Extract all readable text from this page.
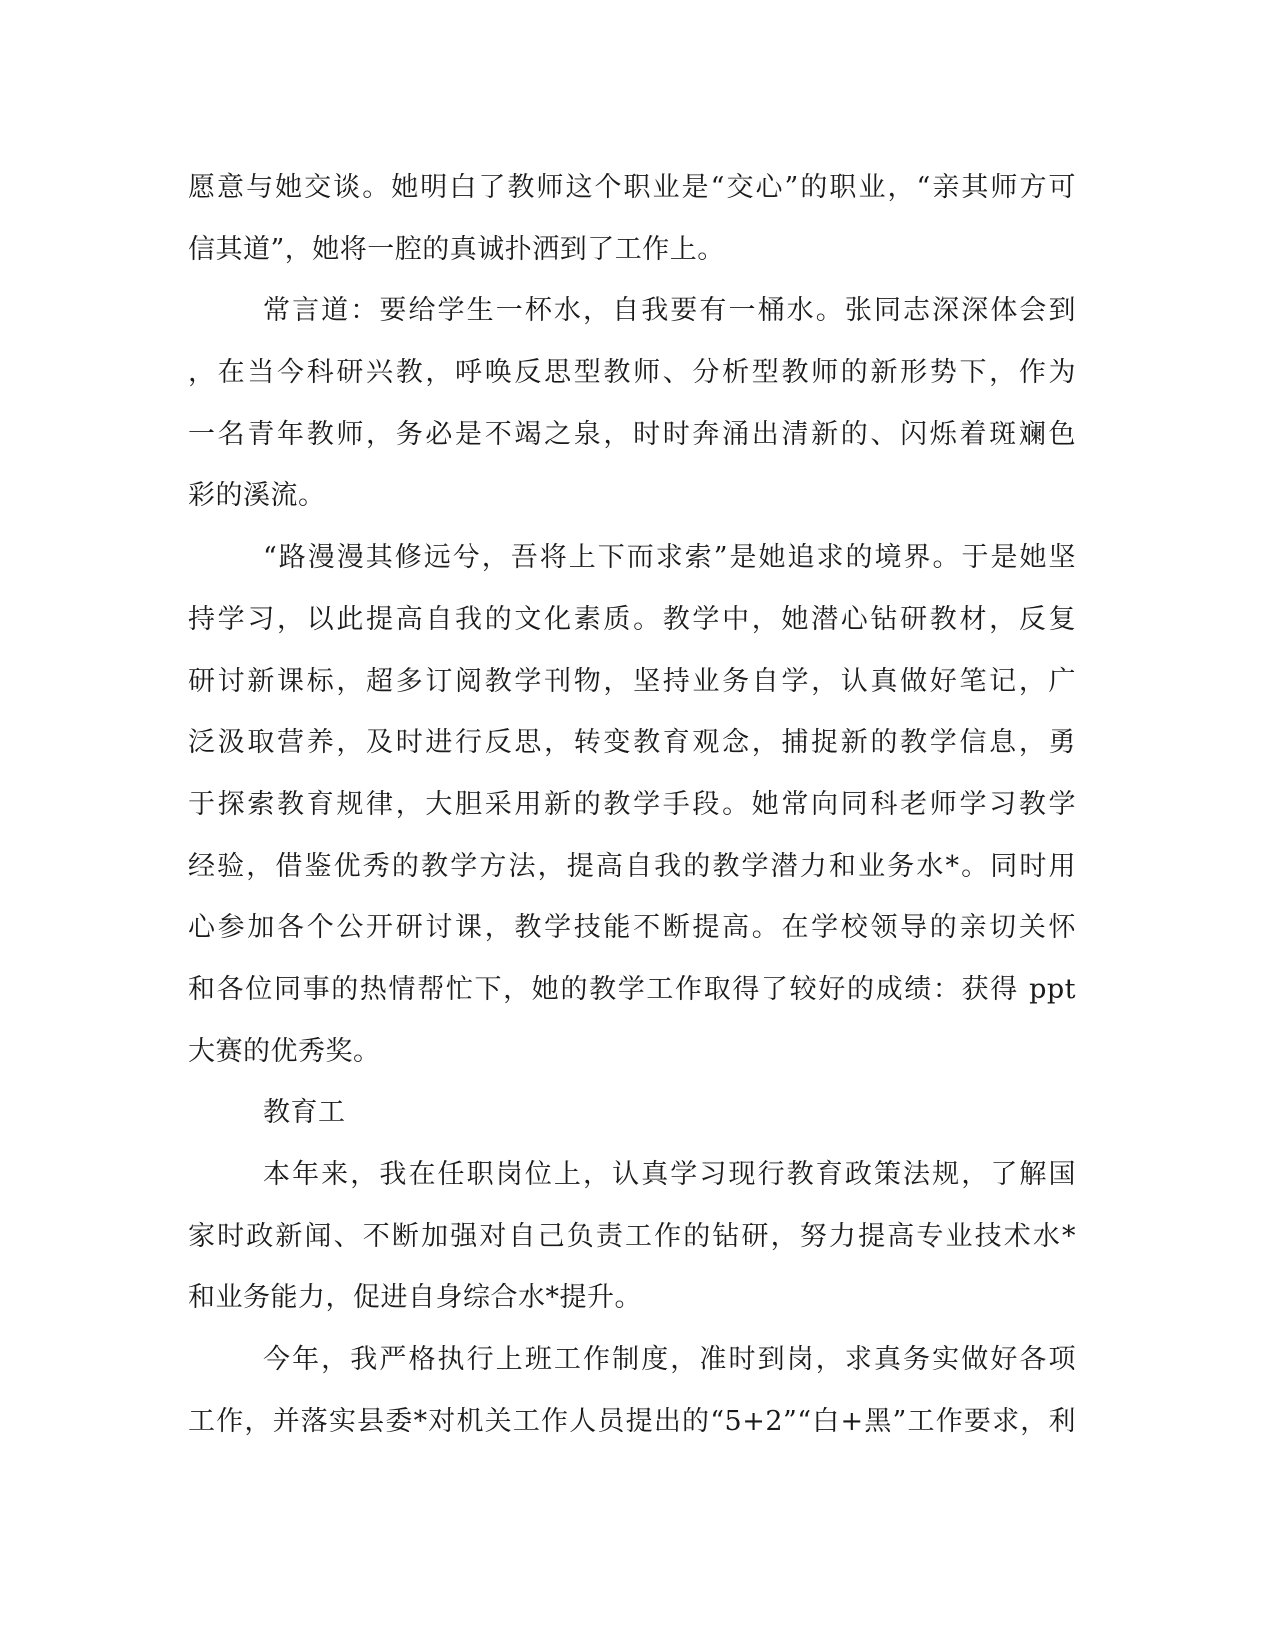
愿意与她交谈。她明白了教师这个职业是“交心”的职业，“亲其师方可
信其道”，她将一腔的真诚扑洒到了工作上。
常言道：要给学生一杯水，自我要有一桶水。张同志深深体会到
，在当今科研兴教，呼唤反思型教师、分析型教师的新形势下，作为
一名青年教师，务必是不竭之泉，时时奔涌出清新的、闪烁着斑斓色
彩的溪流。
“路漫漫其修远兮，吾将上下而求索”是她追求的境界。于是她坚
持学习，以此提高自我的文化素质。教学中，她潜心钻研教材，反复
研讨新课标，超多订阅教学刊物，坚持业务自学，认真做好笔记，广
泛汲取营养，及时进行反思，转变教育观念，捕捉新的教学信息，勇
于探索教育规律，大胆采用新的教学手段。她常向同科老师学习教学
经验，借鉴优秀的教学方法，提高自我的教学潜力和业务水*。同时用
心参加各个公开研讨课，教学技能不断提高。在学校领导的亲切关怀
和各位同事的热情帮忙下，她的教学工作取得了较好的成绩：获得 ppt
大赛的优秀奖。
教育工
本年来，我在任职岗位上，认真学习现行教育政策法规，了解国
家时政新闻、不断加强对自己负责工作的钻研，努力提高专业技术水*
和业务能力，促进自身综合水*提升。
今年，我严格执行上班工作制度，准时到岗，求真务实做好各项
工作，并落实县委*对机关工作人员提出的“5+2”“白+黑”工作要求，利
